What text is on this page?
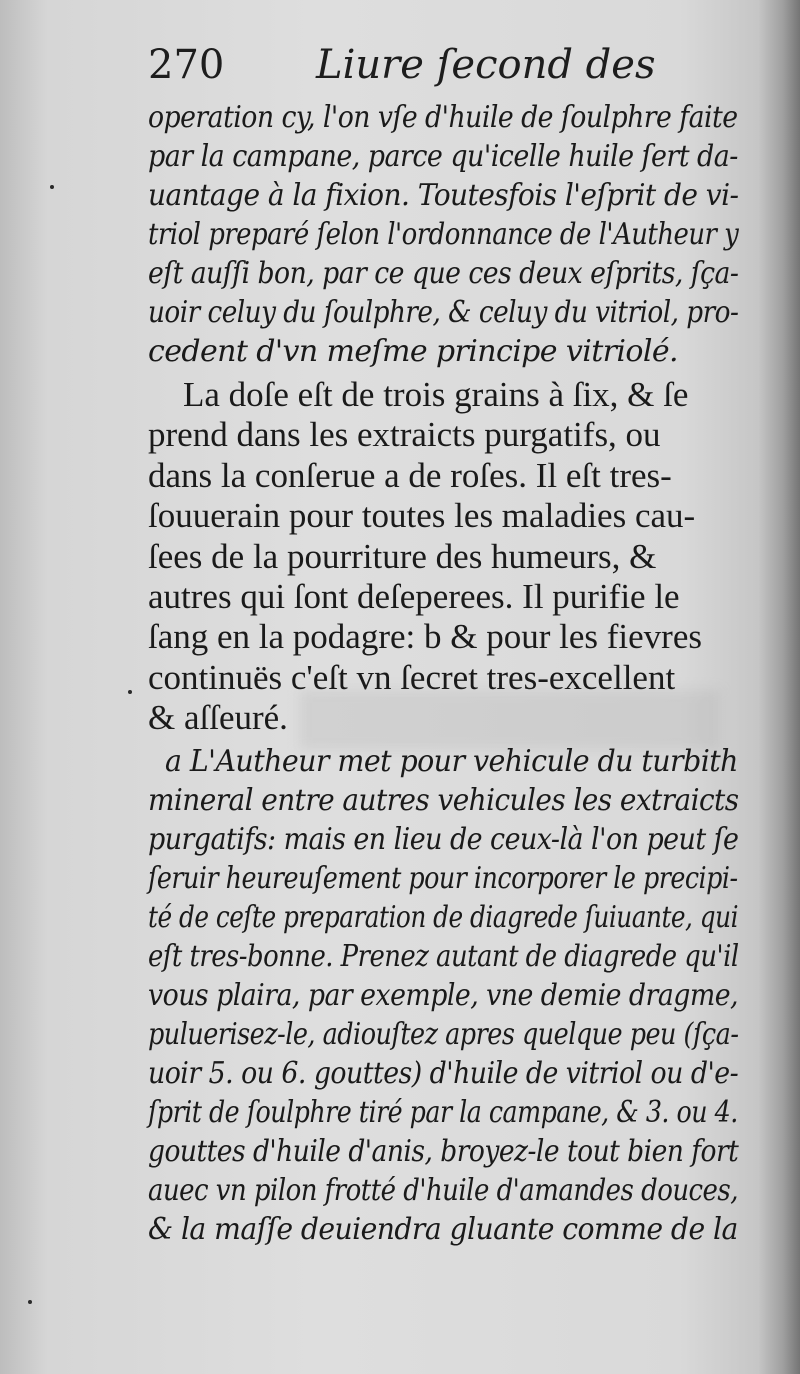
270 Liure ſecond des
operation cy, l'on vſe d'huile de ſoulphre faite
par la campane, parce qu'icelle huile ſert da-
uantage à la fixion. Toutesfois l'eſprit de vi-
triol preparé ſelon l'ordonnance de l'Autheur y
eſt auſſi bon, par ce que ces deux eſprits, ſça-
uoir celuy du ſoulphre, & celuy du vitriol, pro-
cedent d'vn meſme principe vitriolé.
La doſe eſt de trois grains à ſix, & ſe
prend dans les extraicts purgatifs, ou
dans la conſerue a de roſes. Il eſt tres-
ſouuerain pour toutes les maladies cau-
ſees de la pourriture des humeurs, &
autres qui ſont deſeperees. Il purifie le
ſang en la podagre: b & pour les fievres
continuës c'eſt vn ſecret tres-excellent
& aſſeuré.
a L'Autheur met pour vehicule du turbith
mineral entre autres vehicules les extraicts
purgatifs: mais en lieu de ceux-là l'on peut ſe
ſeruir heureuſement pour incorporer le precipi-
té de ceſte preparation de diagrede ſuiuante, qui
eſt tres-bonne. Prenez autant de diagrede qu'il
vous plaira, par exemple, vne demie dragme,
puluerisez-le, adiouſtez apres quelque peu (ſça-
uoir 5. ou 6. gouttes) d'huile de vitriol ou d'e-
ſprit de ſoulphre tiré par la campane, & 3. ou 4.
gouttes d'huile d'anis, broyez-le tout bien fort
auec vn pilon frotté d'huile d'amandes douces,
& la maſſe deuiendra gluante comme de la
